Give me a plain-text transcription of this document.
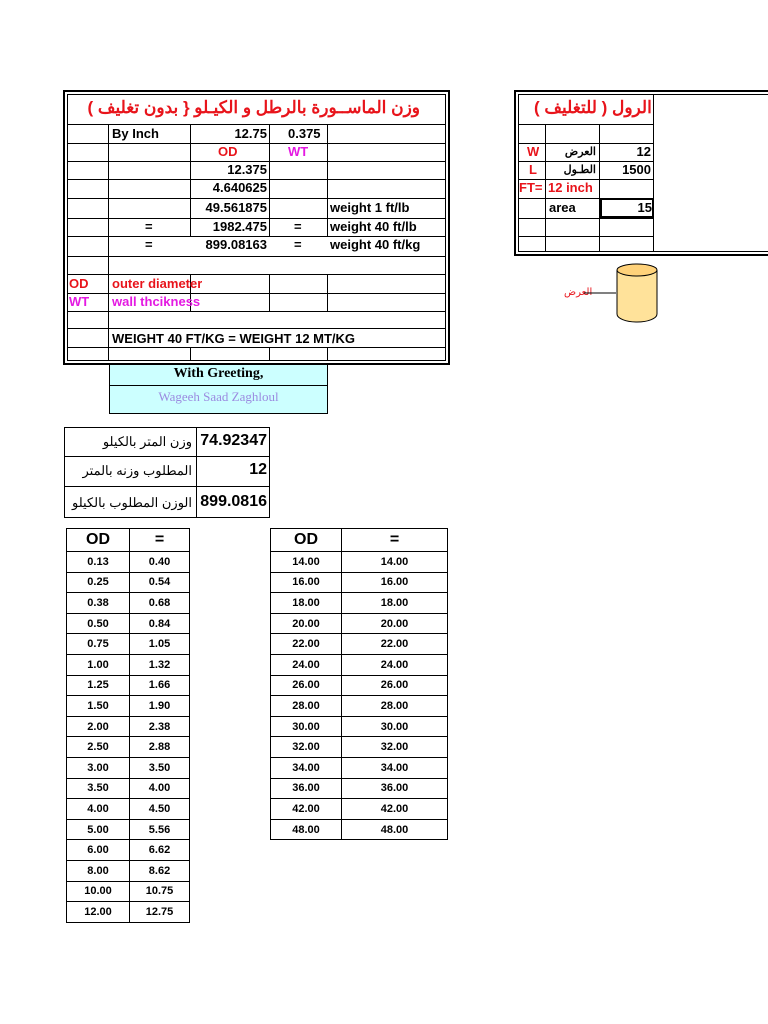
وزن الماســورة بالرطل و الكيـلو { بدون تغليف )
By Inch	12.75 0.375
OD	WT
12.375
4.640625
49.561875	weight 1 ft/lb
=	1982.475 = weight 40 ft/lb
=	899.08163 = weight 40 ft/kg
OD outer diameter
WT wall thcikness
WEIGHT 40 FT/KG = WEIGHT 12 MT/KG
With Greeting,
Wageeh Saad Zaghloul
الرول ( للتغليف )
W	العرض	12
L	الطـول	1500
FT= 12 inch
area	15
العرض
وزن المتر بالكيلو 74.92347
المطلوب وزنه بالمتر	12
الوزن المطلوب بالكيلو 899.0816
OD	=
0.13	0.40
0.25	0.54
0.38	0.68
0.50	0.84
0.75	1.05
1.00	1.32
1.25	1.66
1.50	1.90
2.00	2.38
2.50	2.88
3.00	3.50
3.50	4.00
4.00	4.50
5.00	5.56
6.00	6.62
8.00	8.62
10.00	10.75
12.00	12.75
OD	=
14.00	14.00
16.00	16.00
18.00	18.00
20.00	20.00
22.00	22.00
24.00	24.00
26.00	26.00
28.00	28.00
30.00	30.00
32.00	32.00
34.00	34.00
36.00	36.00
42.00	42.00
48.00	48.00
